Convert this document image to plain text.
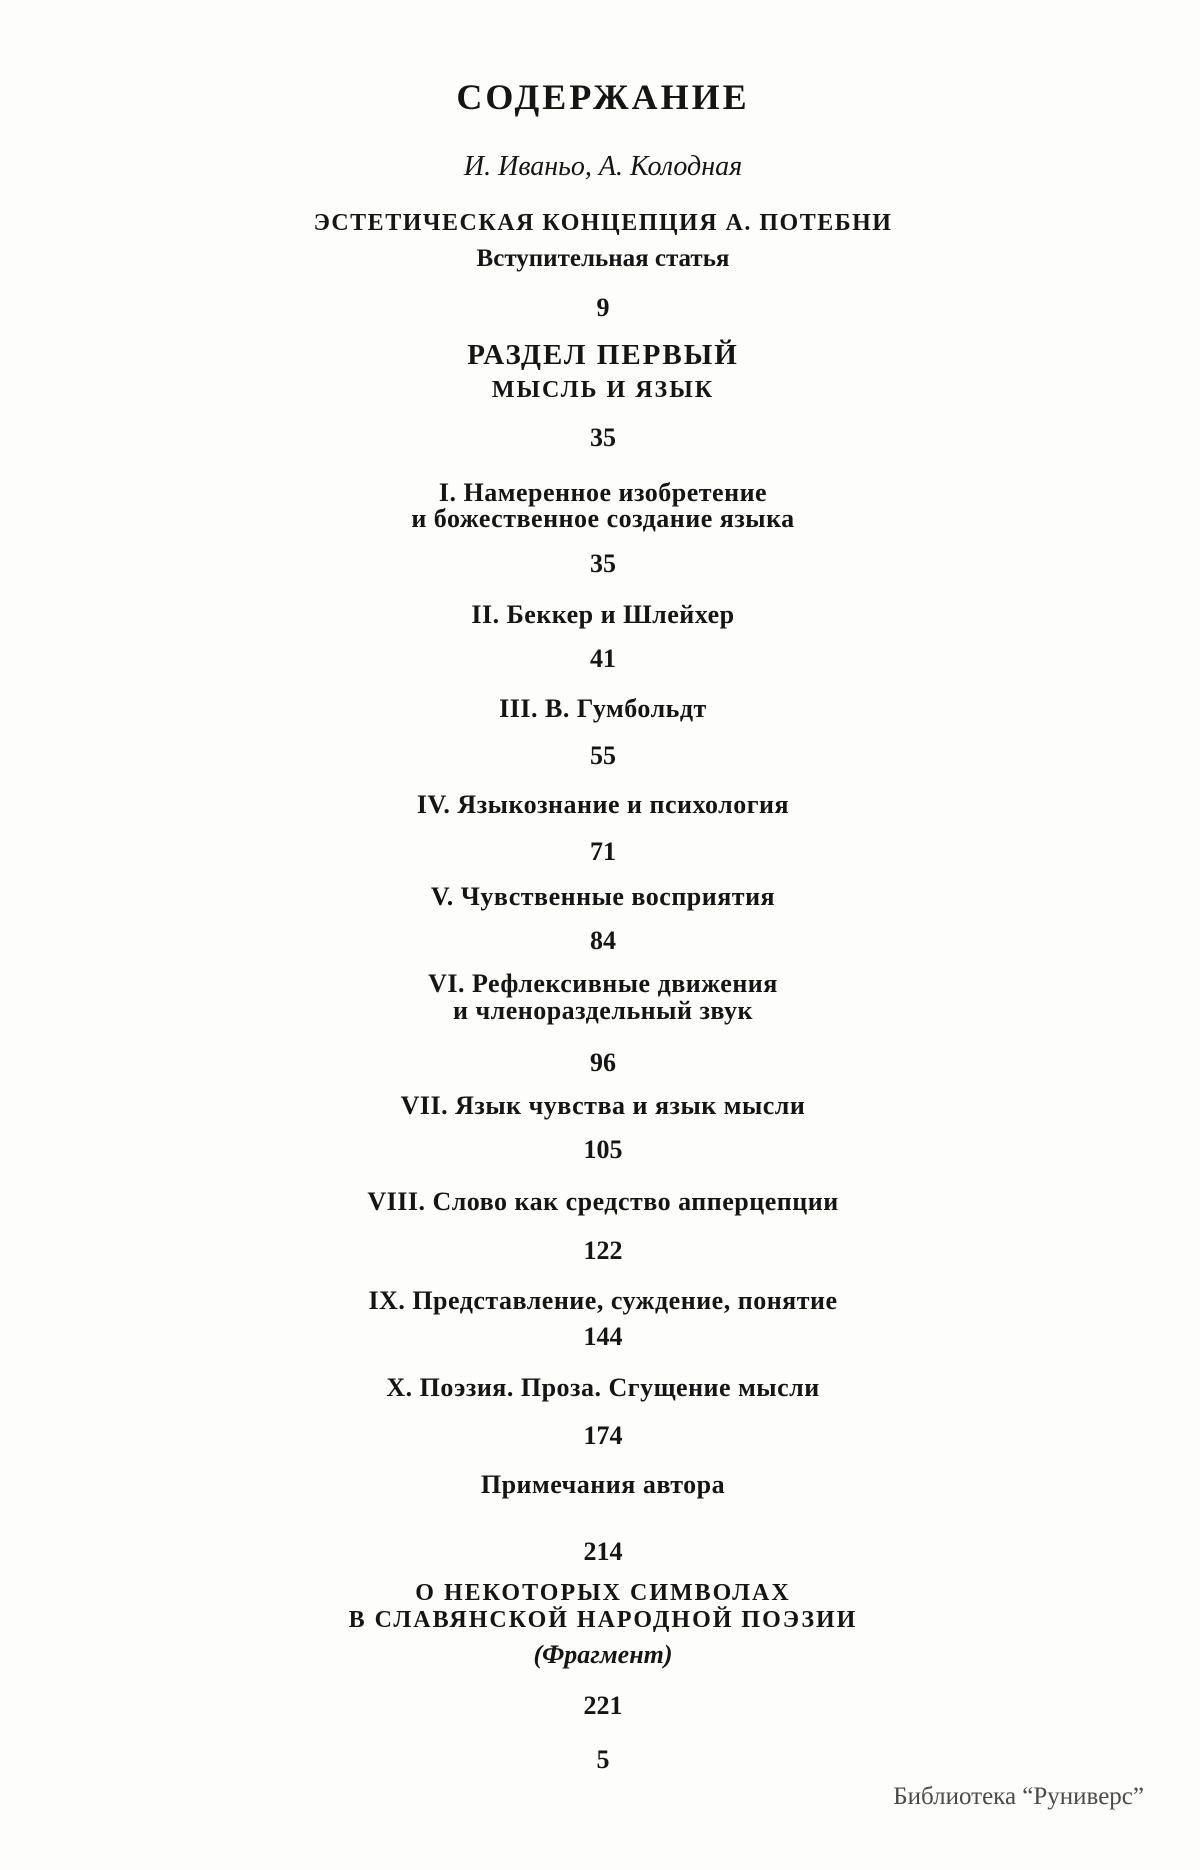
СОДЕРЖАНИЕ
И. Иваньо, А. Колодная
ЭСТЕТИЧЕСКАЯ КОНЦЕПЦИЯ А. ПОТЕБНИ
Вступительная статья
9
РАЗДЕЛ ПЕРВЫЙ
МЫСЛЬ И ЯЗЫК
35
I. Намеренное изобретение
и божественное создание языка
35
II. Беккер и Шлейхер
41
III. В. Гумбольдт
55
IV. Языкознание и психология
71
V. Чувственные восприятия
84
VI. Рефлексивные движения
и членораздельный звук
96
VII. Язык чувства и язык мысли
105
VIII. Слово как средство апперцепции
122
IX. Представление, суждение, понятие
144
X. Поэзия. Проза. Сгущение мысли
174
Примечания автора
214
О НЕКОТОРЫХ СИМВОЛАХ
В СЛАВЯНСКОЙ НАРОДНОЙ ПОЭЗИИ
(Фрагмент)
221
5
Библиотека “Руниверс”
